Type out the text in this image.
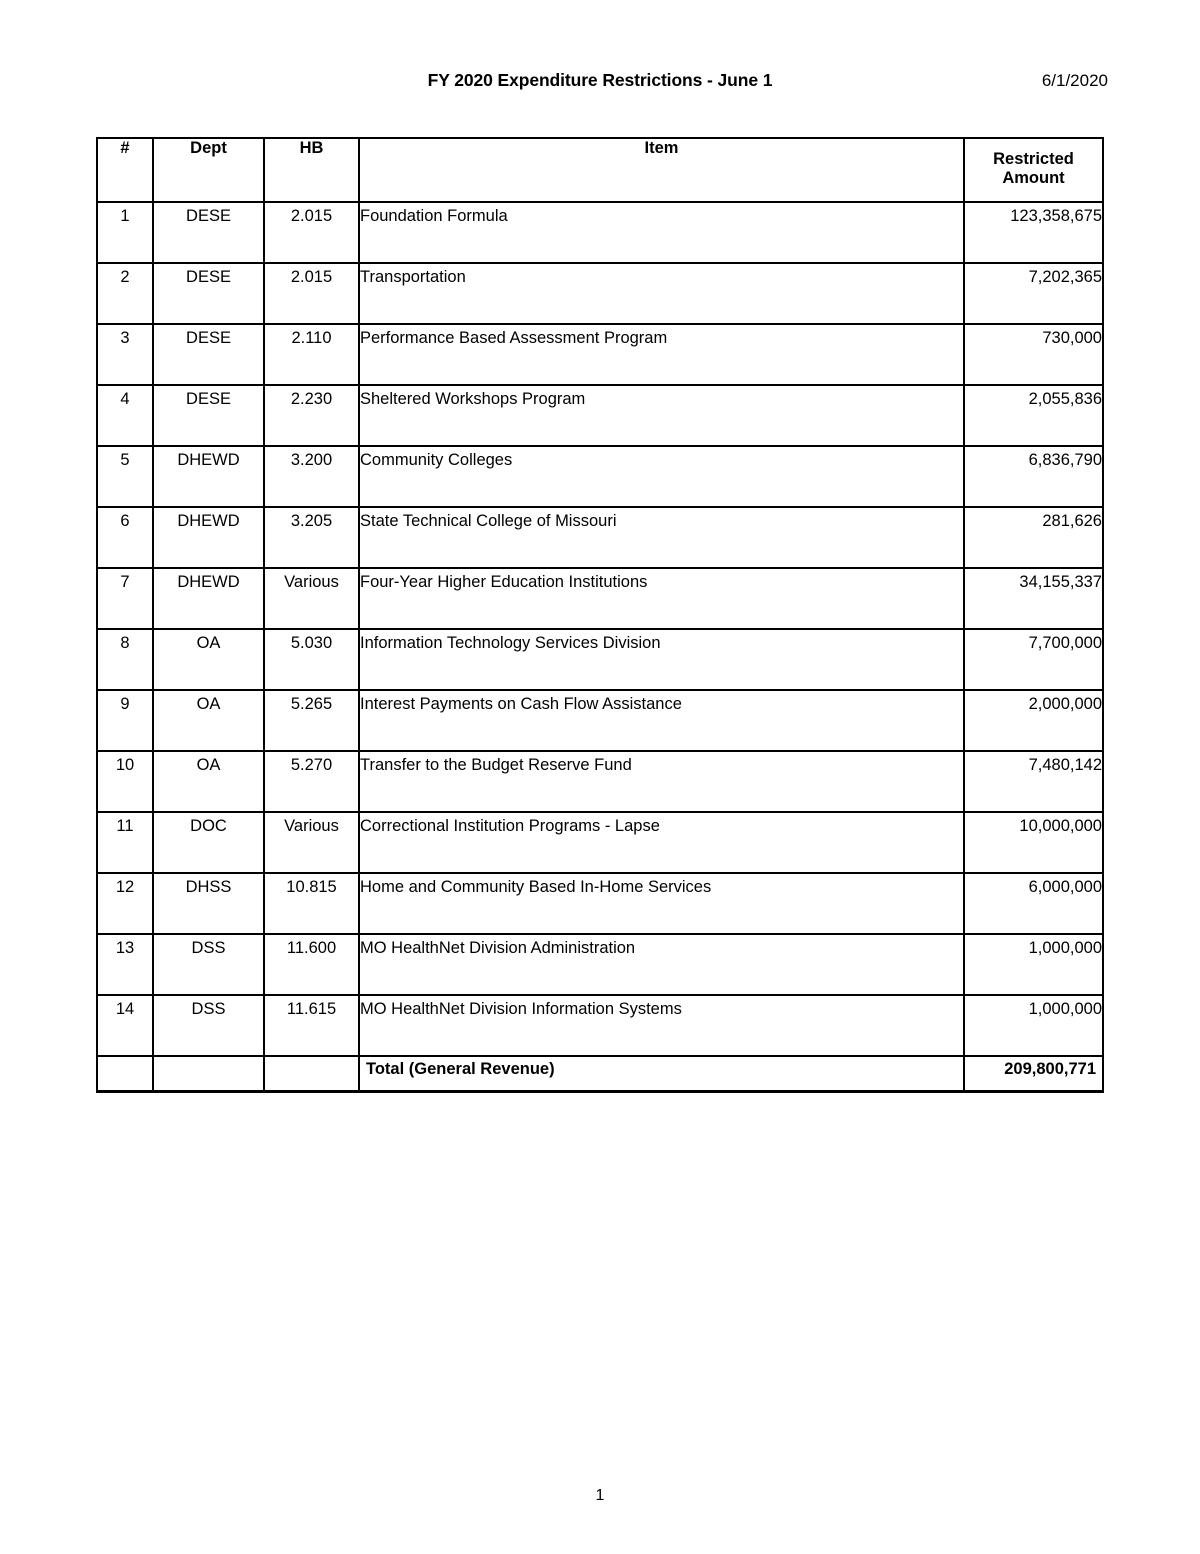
FY 2020 Expenditure Restrictions - June 1	6/1/2020
#	Dept	HB	Item	Restricted
Amount

1	DESE	2.015	Foundation Formula	123,358,675
2	DESE	2.015	Transportation	7,202,365
3	DESE	2.110	Performance Based Assessment Program	730,000
4	DESE	2.230	Sheltered Workshops Program	2,055,836
5	DHEWD	3.200	Community Colleges	6,836,790
6	DHEWD	3.205	State Technical College of Missouri	281,626
7	DHEWD	Various	Four-Year Higher Education Institutions	34,155,337
8	OA	5.030	Information Technology Services Division	7,700,000
9	OA	5.265	Interest Payments on Cash Flow Assistance	2,000,000
10	OA	5.270	Transfer to the Budget Reserve Fund	7,480,142
11	DOC	Various	Correctional Institution Programs - Lapse	10,000,000
12	DHSS	10.815	Home and Community Based In-Home Services	6,000,000
13	DSS	11.600	MO HealthNet Division Administration	1,000,000
14	DSS	11.615	MO HealthNet Division Information Systems	1,000,000
			Total (General Revenue)	209,800,771
1
